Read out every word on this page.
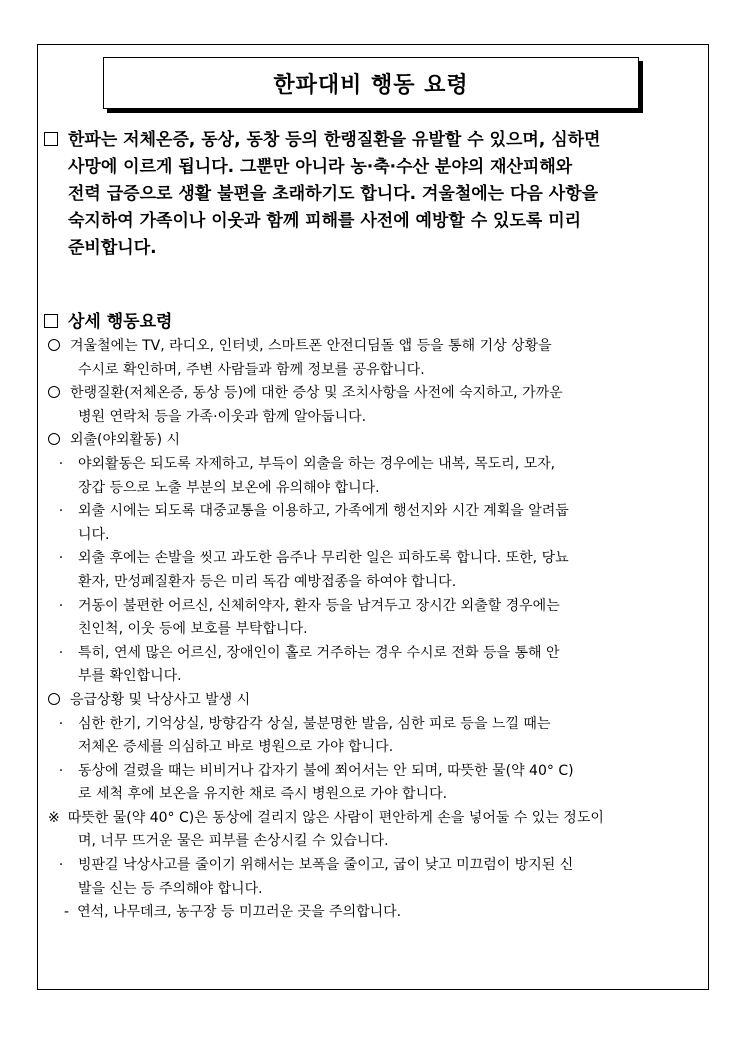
한파대비 행동 요령
한파는 저체온증, 동상, 동창 등의 한랭질환을 유발할 수 있으며, 심하면
사망에 이르게 됩니다. 그뿐만 아니라 농·축·수산 분야의 재산피해와
전력 급증으로 생활 불편을 초래하기도 합니다. 겨울철에는 다음 사항을
숙지하여 가족이나 이웃과 함께 피해를 사전에 예방할 수 있도록 미리
준비합니다.
상세 행동요령
겨울철에는 TV, 라디오, 인터넷, 스마트폰 안전디딤돌 앱 등을 통해 기상 상황을
수시로 확인하며, 주변 사람들과 함께 정보를 공유합니다.
한랭질환(저체온증, 동상 등)에 대한 증상 및 조치사항을 사전에 숙지하고, 가까운
병원 연락처 등을 가족·이웃과 함께 알아둡니다.
외출(야외활동) 시
· 야외활동은 되도록 자제하고, 부득이 외출을 하는 경우에는 내복, 목도리, 모자,
장갑 등으로 노출 부분의 보온에 유의해야 합니다.
· 외출 시에는 되도록 대중교통을 이용하고, 가족에게 행선지와 시간 계획을 알려둡
니다.
· 외출 후에는 손발을 씻고 과도한 음주나 무리한 일은 피하도록 합니다. 또한, 당뇨
환자, 만성폐질환자 등은 미리 독감 예방접종을 하여야 합니다.
· 거동이 불편한 어르신, 신체허약자, 환자 등을 남겨두고 장시간 외출할 경우에는
친인척, 이웃 등에 보호를 부탁합니다.
· 특히, 연세 많은 어르신, 장애인이 홀로 거주하는 경우 수시로 전화 등을 통해 안
부를 확인합니다.
응급상황 및 낙상사고 발생 시
· 심한 한기, 기억상실, 방향감각 상실, 불분명한 발음, 심한 피로 등을 느낄 때는
저체온 증세를 의심하고 바로 병원으로 가야 합니다.
· 동상에 걸렸을 때는 비비거나 갑자기 불에 쬐어서는 안 되며, 따뜻한 물(약 40° C)
로 세척 후에 보온을 유지한 채로 즉시 병원으로 가야 합니다.
※ 따뜻한 물(약 40° C)은 동상에 걸리지 않은 사람이 편안하게 손을 넣어둘 수 있는 정도이
며, 너무 뜨거운 물은 피부를 손상시킬 수 있습니다.
· 빙판길 낙상사고를 줄이기 위해서는 보폭을 줄이고, 굽이 낮고 미끄럼이 방지된 신
발을 신는 등 주의해야 합니다.
- 연석, 나무데크, 농구장 등 미끄러운 곳을 주의합니다.
